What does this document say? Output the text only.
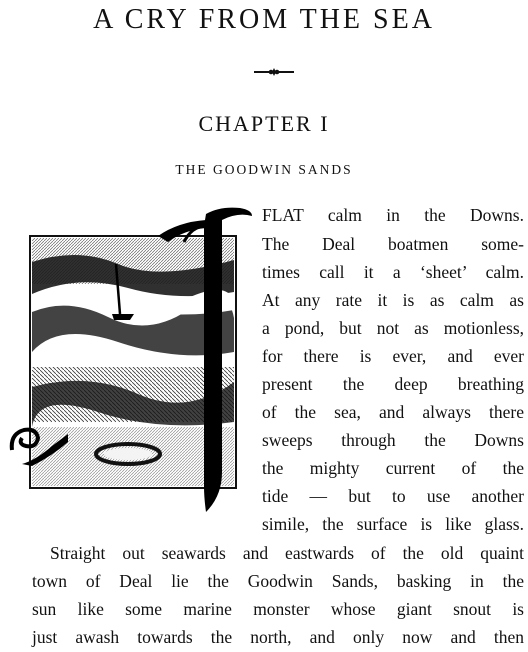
A CRY FROM THE SEA
CHAPTER I

THE GOODWIN SANDS

FLAT calm in the Downs.

The Deal boatmen some-

times call it a ‘sheet’ calm.

At any rate it is as calm as

a pond, but not as motionless,

for there is ever, and ever

present the deep breathing

of the sea, and always there

sweeps through the Downs

the mighty current of the

tide — but to use another

simile, the surface is like glass.

Straight out seawards and eastwards of the old quaint

town of Deal lie the Goodwin Sands, basking in the

sun like some marine monster whose giant snout is

just awash towards the north, and only now and then
